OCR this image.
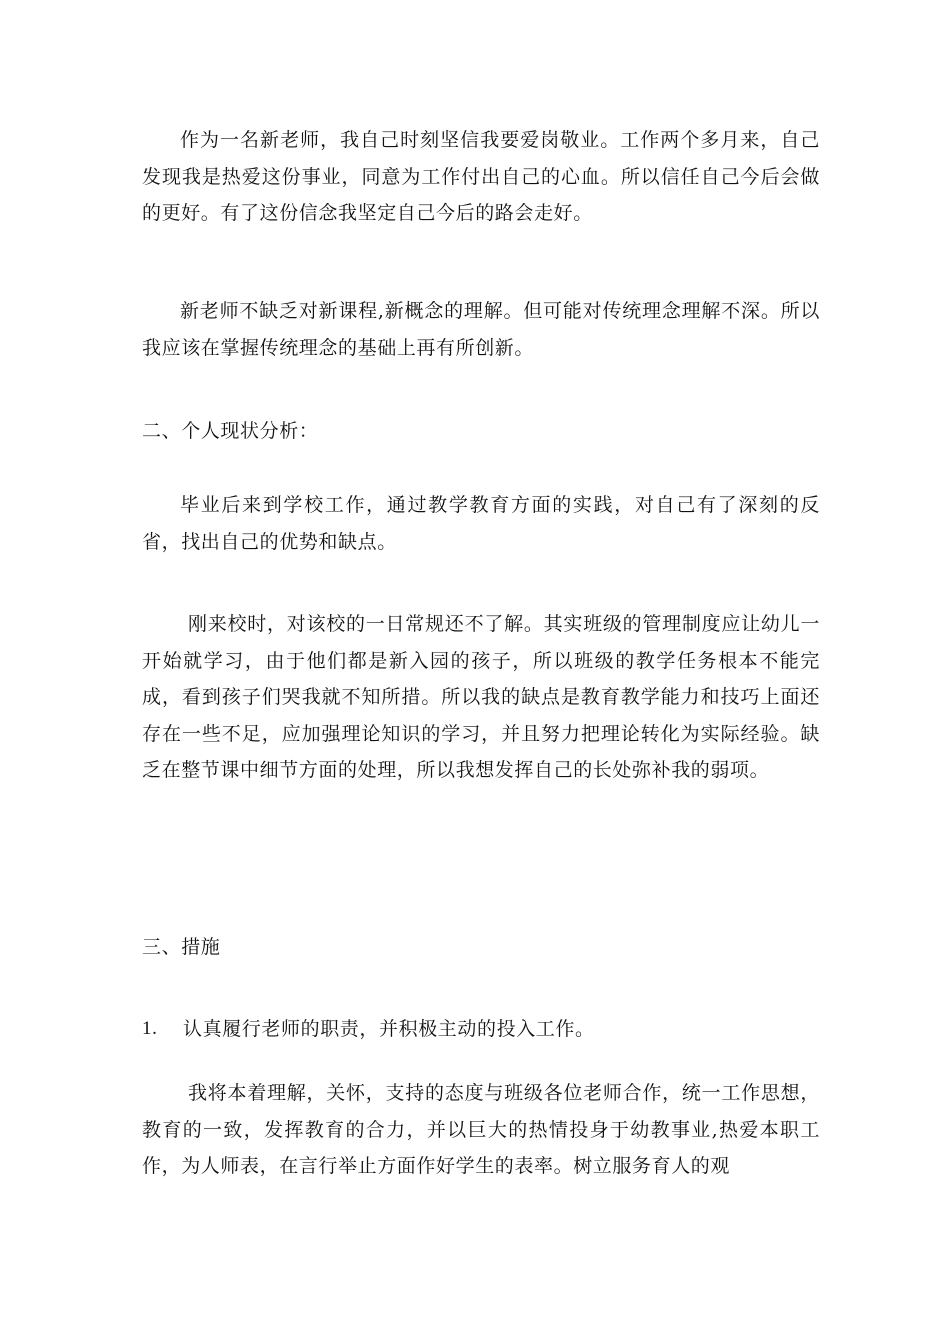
作为一名新老师，我自己时刻坚信我要爱岗敬业。工作两个多月来，自己发现我是热爱这份事业，同意为工作付出自己的心血。所以信任自己今后会做的更好。有了这份信念我坚定自己今后的路会走好。

新老师不缺乏对新课程,新概念的理解。但可能对传统理念理解不深。所以我应该在掌握传统理念的基础上再有所创新。

二、个人现状分析：

毕业后来到学校工作，通过教学教育方面的实践，对自己有了深刻的反省，找出自己的优势和缺点。

刚来校时，对该校的一日常规还不了解。其实班级的管理制度应让幼儿一开始就学习，由于他们都是新入园的孩子，所以班级的教学任务根本不能完成，看到孩子们哭我就不知所措。所以我的缺点是教育教学能力和技巧上面还存在一些不足，应加强理论知识的学习，并且努力把理论转化为实际经验。缺乏在整节课中细节方面的处理，所以我想发挥自己的长处弥补我的弱项。

三、措施

1.	认真履行老师的职责，并积极主动的投入工作。

我将本着理解，关怀，支持的态度与班级各位老师合作，统一工作思想，教育的一致，发挥教育的合力，并以巨大的热情投身于幼教事业,热爱本职工作，为人师表，在言行举止方面作好学生的表率。树立服务育人的观
